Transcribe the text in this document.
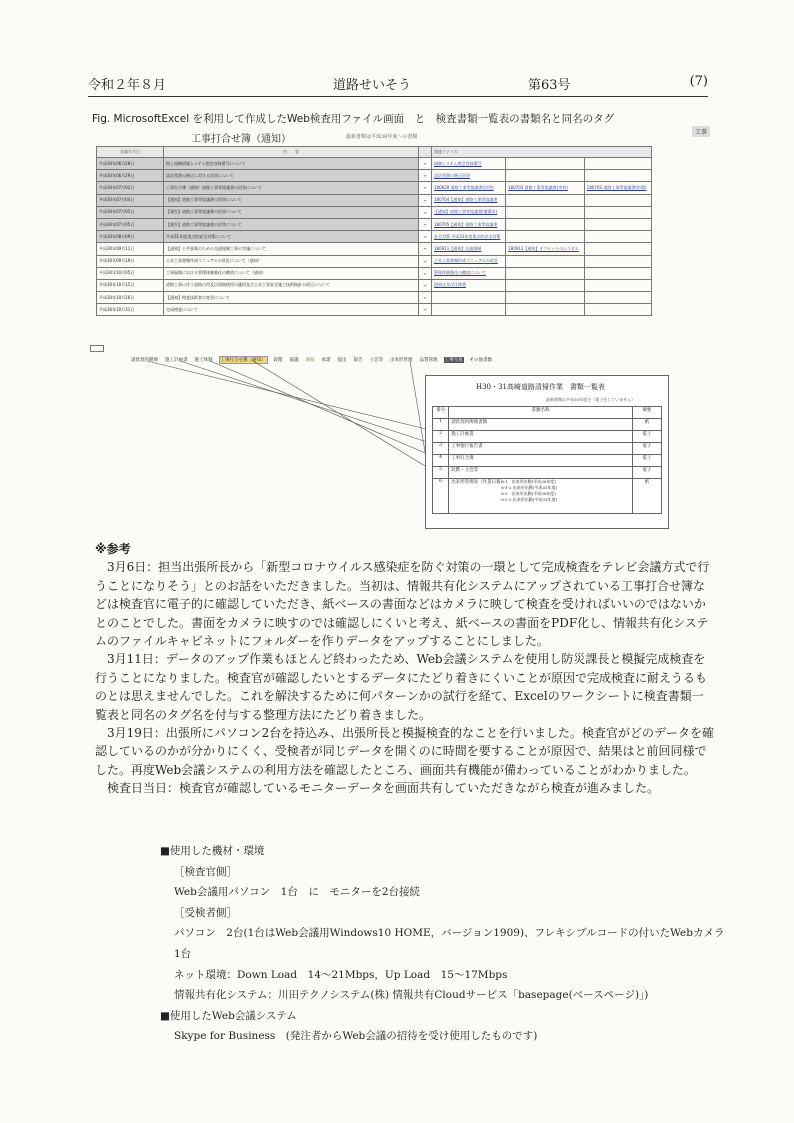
令和２年８月	道路せいそう	第63号	(7)
Fig. MicrosoftExcel を利用して作成したWeb検査用ファイル画面　と　検査書類一覧表の書類名と同名のタグ
工事打合せ簿（通知）	最新書類は平成30年度～の書類
発議年月日	内　　容		関連ファイル		
平成30年06月28日	路上規制情報システム照会登録番号について	≡	規制システム照会登録番号		
平成30年06月29日	設計図書の修正に対する回答について	≡	設計図書の修正回答		
平成30年07月02日	工事打合簿（通知）道路工事等協議書の回答について	≡	180628 道路工事等協議書(回答)	180703 道路工事等協議書(市村)	180703 道路工事等協議書(市郡)
平成30年07月04日	【通知】道路工事等協議書の回答について	≡	180704【通知】道路工事等協議書		
平成30年07月05日	【報告】道路工事等協議書の回答について	≡	【通知】道路工事等協議書(漕湯市)		
平成30年07月05日	【報告】道路工事等協議書の回答について	≡	180705【通知】道路工事等協議書		
平成30年08月09日	平成31年度重点的安全対策について	≡	安全対策 平成31年度重点的安全対策		
平成30年09月11日	【通知】公共事業のための交通規制工事の実施について	≡	180911【通知】交通規制	180911【通知】オフセットのシステム	
平成30年09月19日	土木工事書類作成マニュアルの改訂について（通知）	≡	土木工事書類作成マニュアルの改訂		
平成30年10月05日	工事現場における管理体制強化の徹底について（通知）	≡	管理体制強化の徹底について		
平成30年10月15日	道路工事に伴う道路占用及び道路使用の適用及び土木工事安全施工技術指針の改正について	≡	通知文及び仕様書		
平成30年10月26日	【通知】検査技術者の変更について	≡			
平成30年10月31日	完成検査について	≡			
工事
請負契約関係 施工計画書 施工体制 工事打合せ簿（通知） 段階 協議 通知 承諾 提出 報告 立会等 出来形管理 品質管理 工事写真 その他書類
H30・31高崎道路清掃作業　書類一覧表
最新書類は平成30年度分（電子化していません）
番号	書類名称	摘要
1	請負契約関係書類	紙
2	施工計画書	電子
3	工事施行報告書	電子
4	工事打合簿	電子
5	段階・立会等	電子
6	出来形管理表（作業日報）
6-1　出来形出動(平成30年度)
6-1-2 出来形出動(平成31年度)
6-2　出来形出動(平成30年度)
6-2-2 出来形出動(平成31年度)	紙
※参考

3月6日：担当出張所長から「新型コロナウイルス感染症を防ぐ対策の一環として完成検査をテレビ会議方式で行うことになりそう」とのお話をいただきました。当初は、情報共有化システムにアップされている工事打合せ簿などは検査官に電子的に確認していただき、紙ベースの書面などはカメラに映して検査を受ければいいのではないかとのことでした。書面をカメラに映すのでは確認しにくいと考え、紙ベースの書面をPDF化し、情報共有化システムのファイルキャビネットにフォルダーを作りデータをアップすることにしました。

3月11日：データのアップ作業もほとんど終わったため、Web会議システムを使用し防災課長と模擬完成検査を行うことになりました。検査官が確認したいとするデータにたどり着きにくいことが原因で完成検査に耐えうるものとは思えませんでした。これを解決するために何パターンかの試行を経て、Excelのワークシートに検査書類一覧表と同名のタグ名を付与する整理方法にたどり着きました。

3月19日：出張所にパソコン2台を持込み、出張所長と模擬検査的なことを行いました。検査官がどのデータを確認しているのかが分かりにくく、受検者が同じデータを開くのに時間を要することが原因で、結果はと前回同様でした。再度Web会議システムの利用方法を確認したところ、画面共有機能が備わっていることがわかりました。

検査日当日：検査官が確認しているモニターデータを画面共有していただきながら検査が進みました。

■使用した機材・環境
［検査官側］
Web会議用パソコン　1台　に　モニターを2台接続
［受検者側］
パソコン　2台(1台はWeb会議用Windows10 HOME，バージョン1909)、フレキシブルコードの付いたWebカメラ
1台
ネット環境：Down Load　14～21Mbps，Up Load　15～17Mbps
情報共有化システム：川田テクノシステム(株) 情報共有Cloudサービス「basepage(ベースページ)」)
■使用したWeb会議システム
Skype for Business　(発注者からWeb会議の招待を受け使用したものです)
